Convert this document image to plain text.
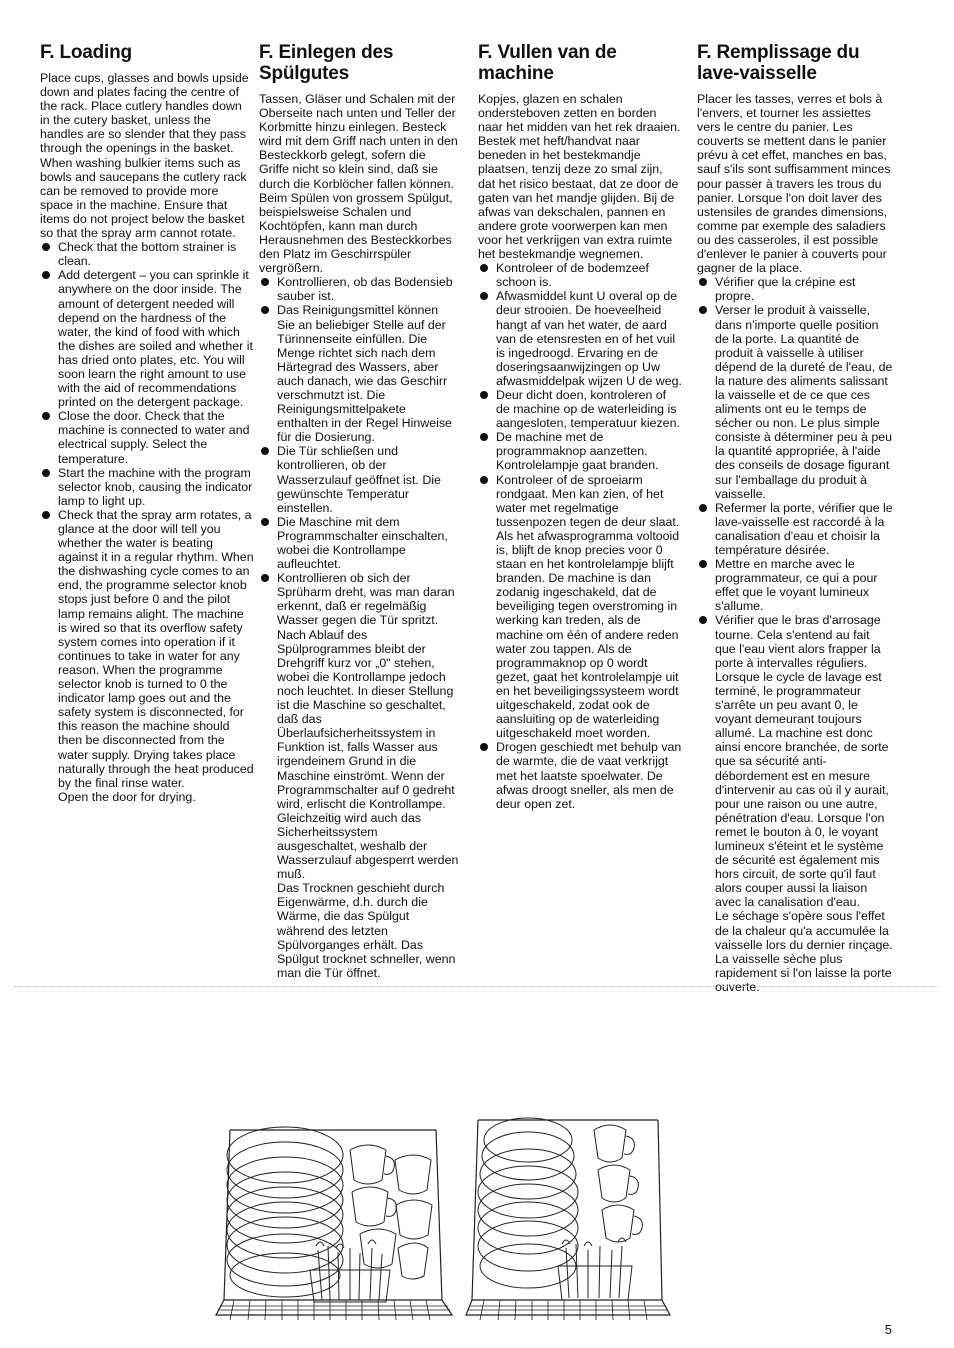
F. Loading

Place cups, glasses and bowls upside down and plates facing the centre of the rack. Place cutlery handles down in the cutery basket, unless the handles are so slender that they pass through the openings in the basket. When washing bulkier items such as bowls and saucepans the cutlery rack can be removed to provide more space in the machine. Ensure that items do not project below the basket so that the spray arm cannot rotate.

Check that the bottom strainer is clean.
Add detergent – you can sprinkle it anywhere on the door inside. The amount of detergent needed will depend on the hardness of the water, the kind of food with which the dishes are soiled and whether it has dried onto plates, etc. You will soon learn the right amount to use with the aid of recommendations printed on the detergent package.
Close the door. Check that the machine is connected to water and electrical supply. Select the temperature.
Start the machine with the program selector knob, causing the indicator lamp to light up.
Check that the spray arm rotates, a glance at the door will tell you whether the water is beating against it in a regular rhythm. When the dishwashing cycle comes to an end, the programme selector knob stops just before 0 and the pilot lamp remains alight. The machine is wired so that its overflow safety system comes into operation if it continues to take in water for any reason. When the programme selector knob is turned to 0 the indicator lamp goes out and the safety system is disconnected, for this reason the machine should then be disconnected from the water supply. Drying takes place naturally through the heat produced by the final rinse water.

Open the door for drying.

F. Einlegen des Spülgutes

Tassen, Gläser und Schalen mit der Oberseite nach unten und Teller der Korbmitte hinzu einlegen. Besteck wird mit dem Griff nach unten in den Besteckkorb gelegt, sofern die Griffe nicht so klein sind, daß sie durch die Korblöcher fallen können. Beim Spülen von grossem Spülgut, beispielsweise Schalen und Kochtöpfen, kann man durch Herausnehmen des Besteckkorbes den Platz im Geschirrspüler vergrößern.

Kontrollieren, ob das Bodensieb sauber ist.
Das Reinigungsmittel können Sie an beliebiger Stelle auf der Türinnenseite einfüllen. Die Menge richtet sich nach dem Härtegrad des Wassers, aber auch danach, wie das Geschirr verschmutzt ist. Die Reinigungsmittelpakete enthalten in der Regel Hinweise für die Dosierung.
Die Tür schließen und kontrollieren, ob der Wasserzulauf geöffnet ist. Die gewünschte Temperatur einstellen.
Die Maschine mit dem Programmschalter einschalten, wobei die Kontrollampe aufleuchtet.
Kontrollieren ob sich der Sprüharm dreht, was man daran erkennt, daß er regelmäßig Wasser gegen die Tür spritzt. Nach Ablauf des Spülprogrammes bleibt der Drehgriff kurz vor „0" stehen, wobei die Kontrollampe jedoch noch leuchtet. In dieser Stellung ist die Maschine so geschaltet, daß das Überlaufsicherheitssystem in Funktion ist, falls Wasser aus irgendeinem Grund in die Maschine einströmt. Wenn der Programmschalter auf 0 gedreht wird, erlischt die Kontrollampe. Gleichzeitig wird auch das Sicherheitssystem ausgeschaltet, weshalb der Wasserzulauf abgesperrt werden muß.

Das Trocknen geschieht durch Eigenwärme, d.h. durch die Wärme, die das Spülgut während des letzten Spülvorganges erhält. Das Spülgut trocknet schneller, wenn man die Tür öffnet.

F. Vullen van de machine

Kopjes, glazen en schalen ondersteboven zetten en borden naar het midden van het rek draaien. Bestek met heft/handvat naar beneden in het bestekmandje plaatsen, tenzij deze zo smal zijn, dat het risico bestaat, dat ze door de gaten van het mandje glijden. Bij de afwas van dekschalen, pannen en andere grote voorwerpen kan men voor het verkrijgen van extra ruimte het bestekmandje wegnemen.

Kontroleer of de bodemzeef schoon is.
Afwasmiddel kunt U overal op de deur strooien. De hoeveelheid hangt af van het water, de aard van de etensresten en of het vuil is ingedroogd. Ervaring en de doseringsaanwijzingen op Uw afwasmiddelpak wijzen U de weg.
Deur dicht doen, kontroleren of de machine op de waterleiding is aangesloten, temperatuur kiezen.
De machine met de programmaknop aanzetten. Kontrolelampje gaat branden.
Kontroleer of de sproeiarm rondgaat. Men kan zien, of het water met regelmatige tussenpozen tegen de deur slaat. Als het afwasprogramma voltooid is, blijft de knop precies voor 0 staan en het kontrolelampje blijft branden. De machine is dan zodanig ingeschakeld, dat de beveiliging tegen overstroming in werking kan treden, als de machine om één of andere reden water zou tappen. Als de programmaknop op 0 wordt gezet, gaat het kontrolelampje uit en het beveiligingssysteem wordt uitgeschakeld, zodat ook de aansluiting op de waterleiding uitgeschakeld moet worden.
Drogen geschiedt met behulp van de warmte, die de vaat verkrijgt met het laatste spoelwater. De afwas droogt sneller, als men de deur open zet.
F. Remplissage du lave-vaisselle

Placer les tasses, verres et bols à l'envers, et tourner les assiettes vers le centre du panier. Les couverts se mettent dans le panier prévu à cet effet, manches en bas, sauf s'ils sont suffisamment minces pour passer à travers les trous du panier. Lorsque l'on doit laver des ustensiles de grandes dimensions, comme par exemple des saladiers ou des casseroles, il est possible d'enlever le panier à couverts pour gagner de la place.

Vérifier que la crépine est propre.
Verser le produit à vaisselle, dans n'importe quelle position de la porte. La quantité de produit à vaisselle à utiliser dépend de la dureté de l'eau, de la nature des aliments salissant la vaisselle et de ce que ces aliments ont eu le temps de sécher ou non. Le plus simple consiste à déterminer peu à peu la quantité appropriée, à l'aide des conseils de dosage figurant sur l'emballage du produit à vaisselle.
Refermer la porte, vérifier que le lave-vaisselle est raccordé à la canalisation d'eau et choisir la température désirée.
Mettre en marche avec le programmateur, ce qui a pour effet que le voyant lumineux s'allume.
Vérifier que le bras d'arrosage tourne. Cela s'entend au fait que l'eau vient alors frapper la porte à intervalles réguliers. Lorsque le cycle de lavage est terminé, le programmateur s'arrête un peu avant 0, le voyant demeurant toujours allumé. La machine est donc ainsi encore branchée, de sorte que sa sécurité anti-débordement est en mesure d'intervenir au cas où il y aurait, pour une raison ou une autre, pénétration d'eau. Lorsque l'on remet le bouton à 0, le voyant lumineux s'éteint et le système de sécurité est également mis hors circuit, de sorte qu'il faut alors couper aussi la liaison avec la canalisation d'eau.

Le séchage s'opère sous l'effet de la chaleur qu'a accumulée la vaisselle lors du dernier rinçage. La vaisselle sèche plus rapidement si l'on laisse la porte ouverte.

5
